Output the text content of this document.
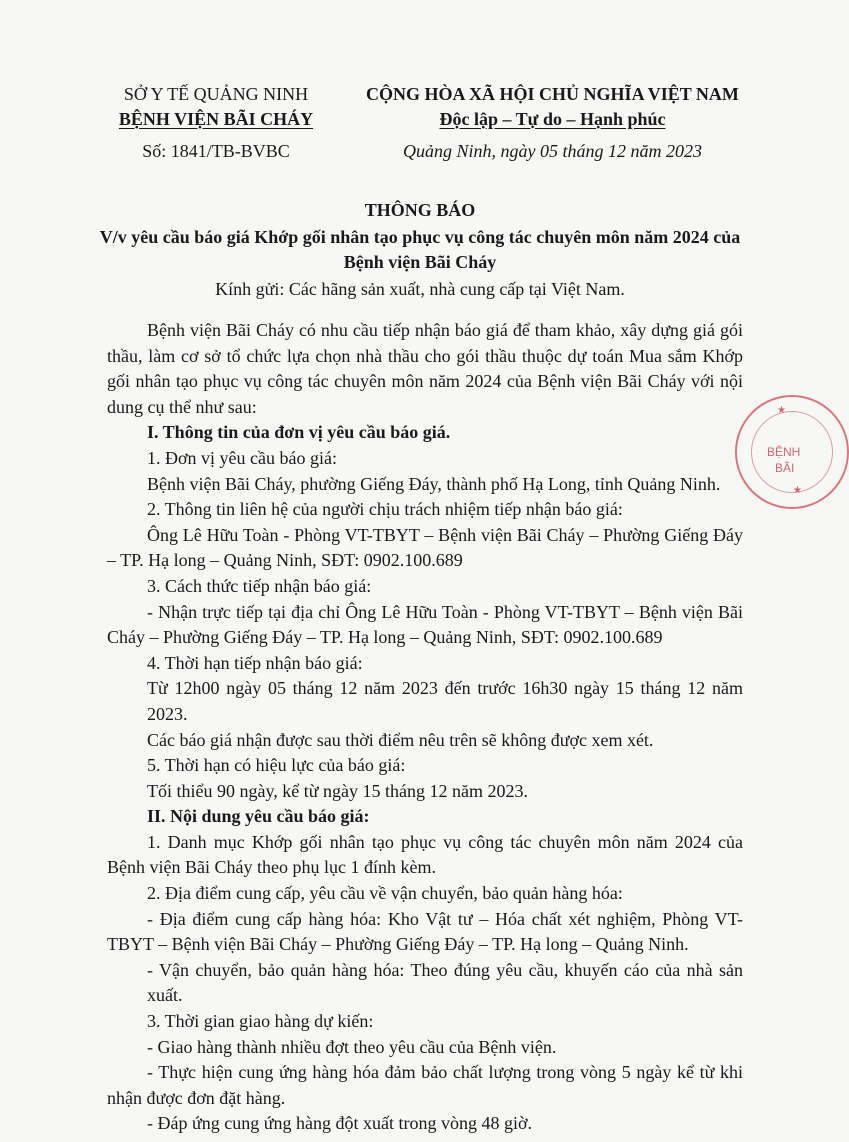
SỞ Y TẾ QUẢNG NINH
BỆNH VIỆN BÃI CHÁY
Số: 1841/TB-BVBC
CỘNG HÒA XÃ HỘI CHỦ NGHĨA VIỆT NAM
Độc lập – Tự do – Hạnh phúc
Quảng Ninh, ngày 05 tháng 12 năm 2023
THÔNG BÁO
V/v yêu cầu báo giá Khớp gối nhân tạo phục vụ công tác chuyên môn năm 2024 của
Bệnh viện Bãi Cháy
Kính gửi: Các hãng sản xuất, nhà cung cấp tại Việt Nam.

Bệnh viện Bãi Cháy có nhu cầu tiếp nhận báo giá để tham khảo, xây dựng giá gói thầu, làm cơ sở tổ chức lựa chọn nhà thầu cho gói thầu thuộc dự toán Mua sắm Khớp gối nhân tạo phục vụ công tác chuyên môn năm 2024 của Bệnh viện Bãi Cháy với nội dung cụ thể như sau:

I. Thông tin của đơn vị yêu cầu báo giá.

1. Đơn vị yêu cầu báo giá:

Bệnh viện Bãi Cháy, phường Giếng Đáy, thành phố Hạ Long, tỉnh Quảng Ninh.

2. Thông tin liên hệ của người chịu trách nhiệm tiếp nhận báo giá:

Ông Lê Hữu Toàn - Phòng VT-TBYT – Bệnh viện Bãi Cháy – Phường Giếng Đáy – TP. Hạ long – Quảng Ninh, SĐT: 0902.100.689

3. Cách thức tiếp nhận báo giá:

- Nhận trực tiếp tại địa chỉ Ông Lê Hữu Toàn - Phòng VT-TBYT – Bệnh viện Bãi Cháy – Phường Giếng Đáy – TP. Hạ long – Quảng Ninh, SĐT: 0902.100.689

4. Thời hạn tiếp nhận báo giá:

Từ 12h00 ngày 05 tháng 12 năm 2023 đến trước 16h30 ngày 15 tháng 12 năm 2023.

Các báo giá nhận được sau thời điểm nêu trên sẽ không được xem xét.

5. Thời hạn có hiệu lực của báo giá:

Tối thiểu 90 ngày, kể từ ngày 15 tháng 12 năm 2023.

II. Nội dung yêu cầu báo giá:

1. Danh mục Khớp gối nhân tạo phục vụ công tác chuyên môn năm 2024 của Bệnh viện Bãi Cháy theo phụ lục 1 đính kèm.

2. Địa điểm cung cấp, yêu cầu về vận chuyển, bảo quản hàng hóa:

- Địa điểm cung cấp hàng hóa: Kho Vật tư – Hóa chất xét nghiệm, Phòng VT-TBYT – Bệnh viện Bãi Cháy – Phường Giếng Đáy – TP. Hạ long – Quảng Ninh.

- Vận chuyển, bảo quản hàng hóa: Theo đúng yêu cầu, khuyến cáo của nhà sản xuất.

3. Thời gian giao hàng dự kiến:

- Giao hàng thành nhiều đợt theo yêu cầu của Bệnh viện.

- Thực hiện cung ứng hàng hóa đảm bảo chất lượng trong vòng 5 ngày kể từ khi nhận được đơn đặt hàng.

- Đáp ứng cung ứng hàng đột xuất trong vòng 48 giờ.

★
BỆNH
BÃI
★
